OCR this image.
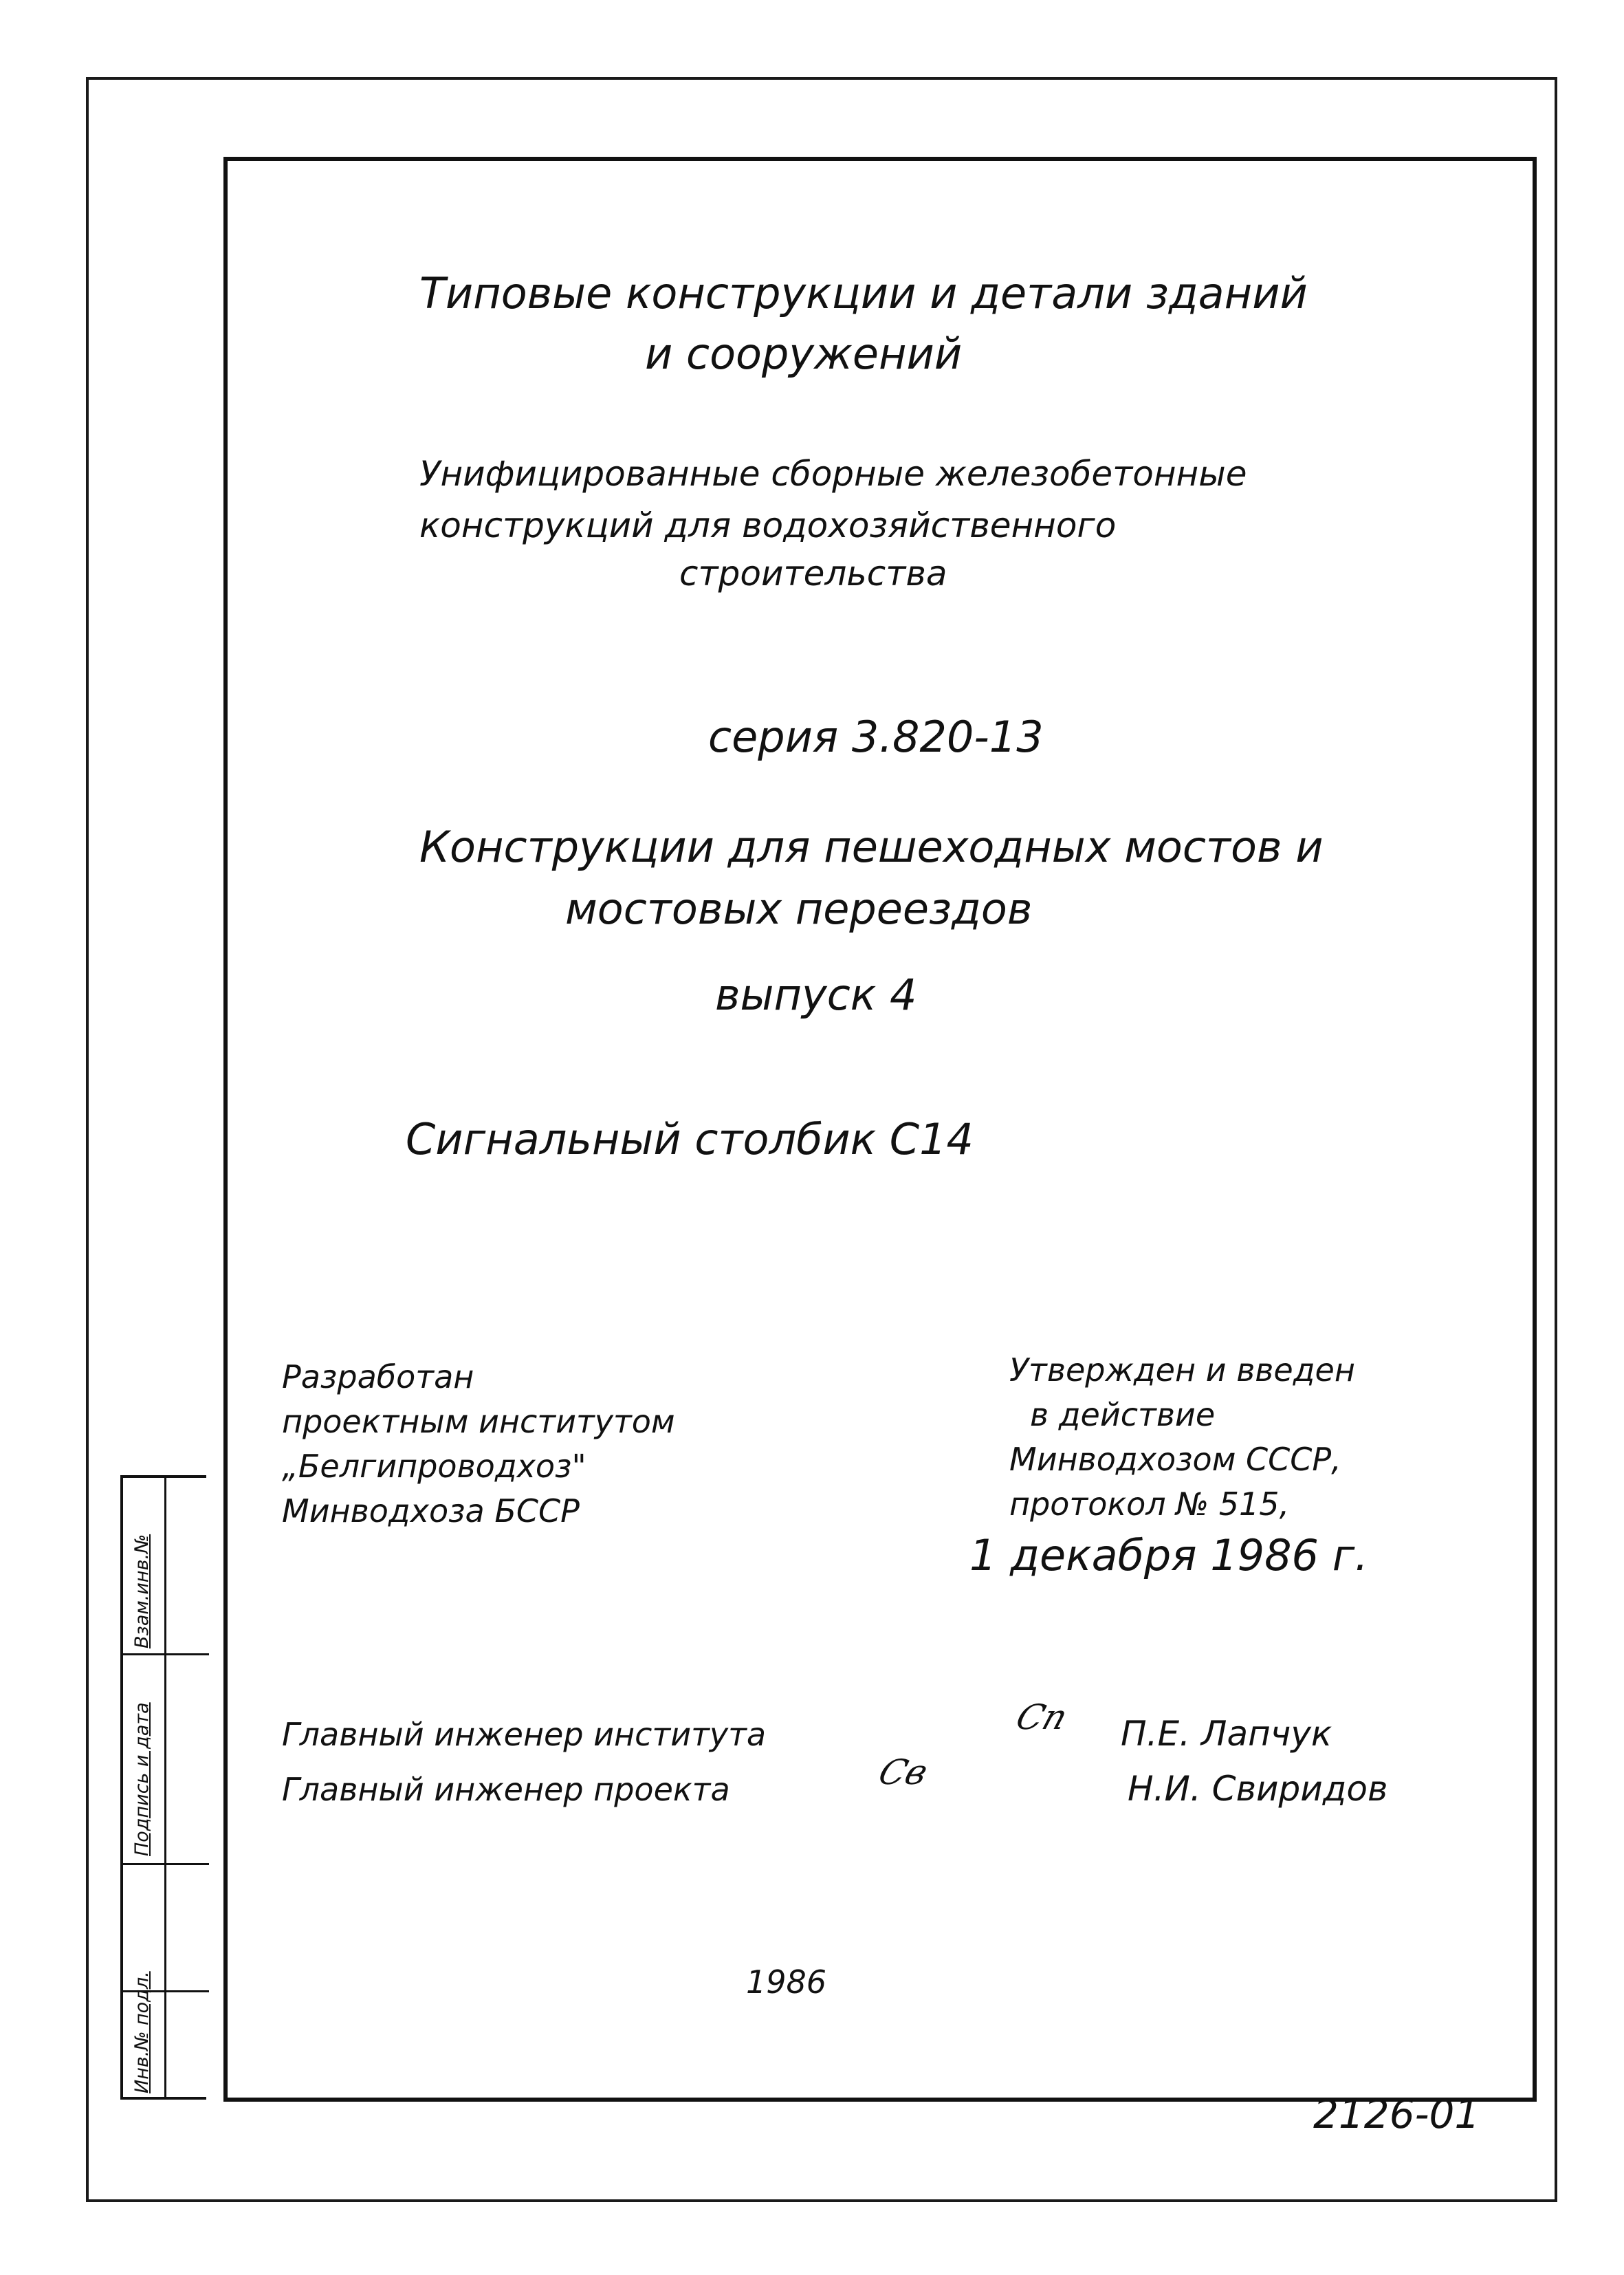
Взам.инв.№
Подпись и дата
Инв.№ подл.
Типовые конструкции и детали зданий
и сооружений
Унифицированные сборные железобетонные
конструкций для водохозяйственного
строительства
серия 3.820-13
Конструкции для пешеходных мостов и
мостовых переездов
выпуск 4
Сигнальный столбик С14
Разработан
проектным институтом
„Белгипроводхоз"
Минводхоза БССР
Утвержден и введен
в действие
Минводхозом СССР,
протокол № 515,
1 декабря 1986 г.
Главный инженер института	Сп П.Е. Лапчук
Главный инженер проекта	Св	Н.И. Свиридов
1986
2126-01
